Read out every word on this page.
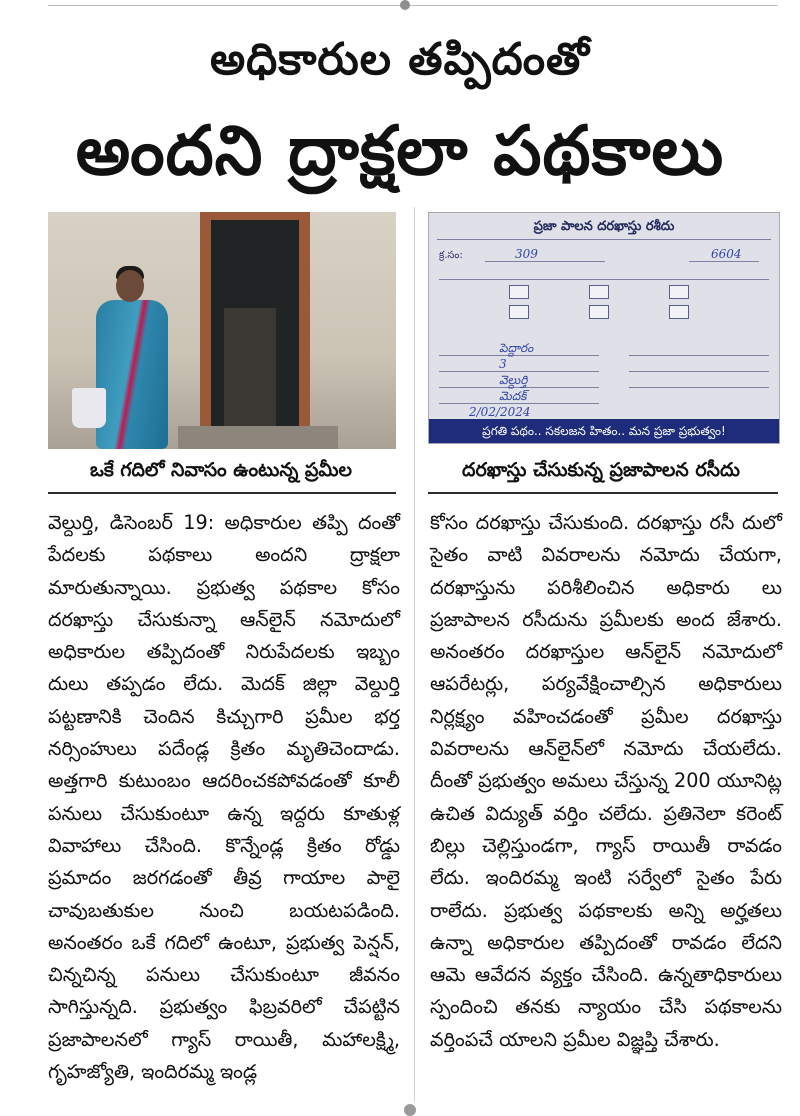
అధికారుల తప్పిదంతో
అందని ద్రాక్షలా పథకాలు
ప్రజా పాలన దరఖాస్తు రశీదు
క్ర.సం:	309	6604
పెద్దారం
3
వెల్దుర్తి
మెదక్
2/02/2024
ప్రగతి పథం.. సకలజన హితం.. మన ప్రజా ప్రభుత్వం!
ఒకే గదిలో నివాసం ఉంటున్న ప్రమీల	దరఖాస్తు చేసుకున్న ప్రజాపాలన రసీదు
వెల్దుర్తి, డిసెంబర్ 19: అధికారుల తప్పి దంతో పేదలకు పథకాలు అందని ద్రాక్షలా మారుతున్నాయి. ప్రభుత్వ పథకాల కోసం దరఖాస్తు చేసుకున్నా ఆన్‌లైన్ నమోదులో అధికారుల తప్పిదంతో నిరుపేదలకు ఇబ్బం దులు తప్పడం లేదు. మెదక్ జిల్లా వెల్దుర్తి పట్టణానికి చెందిన కిచ్చుగారి ప్రమీల భర్త నర్సింహులు పదేండ్ల క్రితం మృతిచెందాడు. అత్తగారి కుటుంబం ఆదరించకపోవడంతో కూలీ పనులు చేసుకుంటూ ఉన్న ఇద్దరు కూతుళ్ల వివాహాలు చేసింది. కొన్నేండ్ల క్రితం రోడ్డు ప్రమాదం జరగడంతో తీవ్ర గాయాల పాలై చావుబతుకుల నుంచి బయటపడింది. అనంతరం ఒకే గదిలో ఉంటూ, ప్రభుత్వ పెన్షన్, చిన్నచిన్న పనులు చేసుకుంటూ జీవనం సాగిస్తున్నది. ప్రభుత్వం ఫిబ్రవరిలో చేపట్టిన ప్రజాపాలనలో గ్యాస్ రాయితీ, మహాలక్ష్మి, గృహజ్యోతి, ఇందిరమ్మ ఇండ్ల
కోసం దరఖాస్తు చేసుకుంది. దరఖాస్తు రసీ దులో సైతం వాటి వివరాలను నమోదు చేయగా, దరఖాస్తును పరిశీలించిన అధికారు లు ప్రజాపాలన రసీదును ప్రమీలకు అంద జేశారు. అనంతరం దరఖాస్తుల ఆన్‌లైన్ నమోదులో ఆపరేటర్లు, పర్యవేక్షించాల్సిన అధికారులు నిర్లక్ష్యం వహించడంతో ప్రమీల దరఖాస్తు వివరాలను ఆన్‌లైన్‌లో నమోదు చేయలేదు. దీంతో ప్రభుత్వం అమలు చేస్తున్న 200 యూనిట్ల ఉచిత విద్యుత్ వర్తిం చలేదు. ప్రతినెలా కరెంట్ బిల్లు చెల్లిస్తుండగా, గ్యాస్ రాయితీ రావడం లేదు. ఇందిరమ్మ ఇంటి సర్వేలో సైతం పేరు రాలేదు. ప్రభుత్వ పథకాలకు అన్ని అర్హతలు ఉన్నా అధికారుల తప్పిదంతో రావడం లేదని ఆమె ఆవేదన వ్యక్తం చేసింది. ఉన్నతాధికారులు స్పందించి తనకు న్యాయం చేసి పథకాలను వర్తింపచే యాలని ప్రమీల విజ్ఞప్తి చేశారు.
